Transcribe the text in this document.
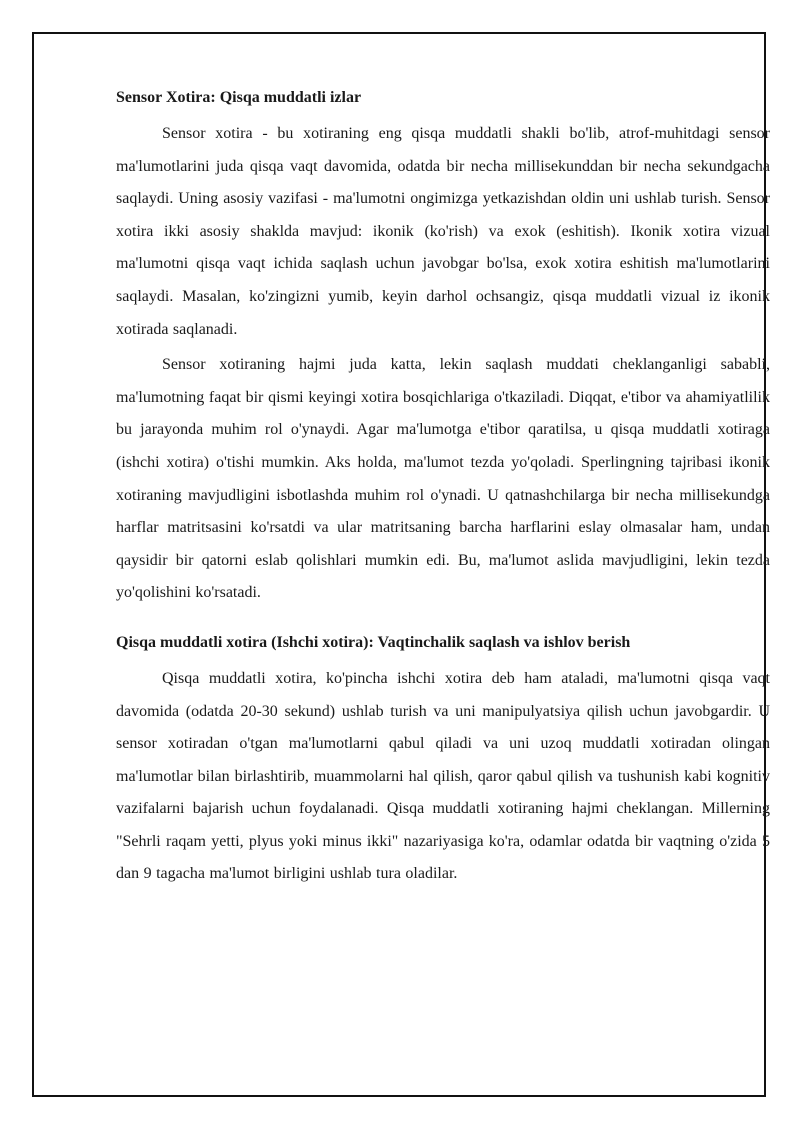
Sensor Xotira: Qisqa muddatli izlar

Sensor xotira - bu xotiraning eng qisqa muddatli shakli bo'lib, atrof-muhitdagi sensor ma'lumotlarini juda qisqa vaqt davomida, odatda bir necha millisekunddan bir necha sekundgacha saqlaydi. Uning asosiy vazifasi - ma'lumotni ongimizga yetkazishdan oldin uni ushlab turish. Sensor xotira ikki asosiy shaklda mavjud: ikonik (ko'rish) va exok (eshitish). Ikonik xotira vizual ma'lumotni qisqa vaqt ichida saqlash uchun javobgar bo'lsa, exok xotira eshitish ma'lumotlarini saqlaydi. Masalan, ko'zingizni yumib, keyin darhol ochsangiz, qisqa muddatli vizual iz ikonik xotirada saqlanadi.

Sensor xotiraning hajmi juda katta, lekin saqlash muddati cheklanganligi sababli, ma'lumotning faqat bir qismi keyingi xotira bosqichlariga o'tkaziladi. Diqqat, e'tibor va ahamiyatlilik bu jarayonda muhim rol o'ynaydi. Agar ma'lumotga e'tibor qaratilsa, u qisqa muddatli xotiraga (ishchi xotira) o'tishi mumkin. Aks holda, ma'lumot tezda yo'qoladi. Sperlingning tajribasi ikonik xotiraning mavjudligini isbotlashda muhim rol o'ynadi. U qatnashchilarga bir necha millisekundga harflar matritsasini ko'rsatdi va ular matritsaning barcha harflarini eslay olmasalar ham, undan qaysidir bir qatorni eslab qolishlari mumkin edi. Bu, ma'lumot aslida mavjudligini, lekin tezda yo'qolishini ko'rsatadi.

Qisqa muddatli xotira (Ishchi xotira): Vaqtinchalik saqlash va ishlov berish

Qisqa muddatli xotira, ko'pincha ishchi xotira deb ham ataladi, ma'lumotni qisqa vaqt davomida (odatda 20-30 sekund) ushlab turish va uni manipulyatsiya qilish uchun javobgardir. U sensor xotiradan o'tgan ma'lumotlarni qabul qiladi va uni uzoq muddatli xotiradan olingan ma'lumotlar bilan birlashtirib, muammolarni hal qilish, qaror qabul qilish va tushunish kabi kognitiv vazifalarni bajarish uchun foydalanadi. Qisqa muddatli xotiraning hajmi cheklangan. Millerning "Sehrli raqam yetti, plyus yoki minus ikki" nazariyasiga ko'ra, odamlar odatda bir vaqtning o'zida 5 dan 9 tagacha ma'lumot birligini ushlab tura oladilar.
